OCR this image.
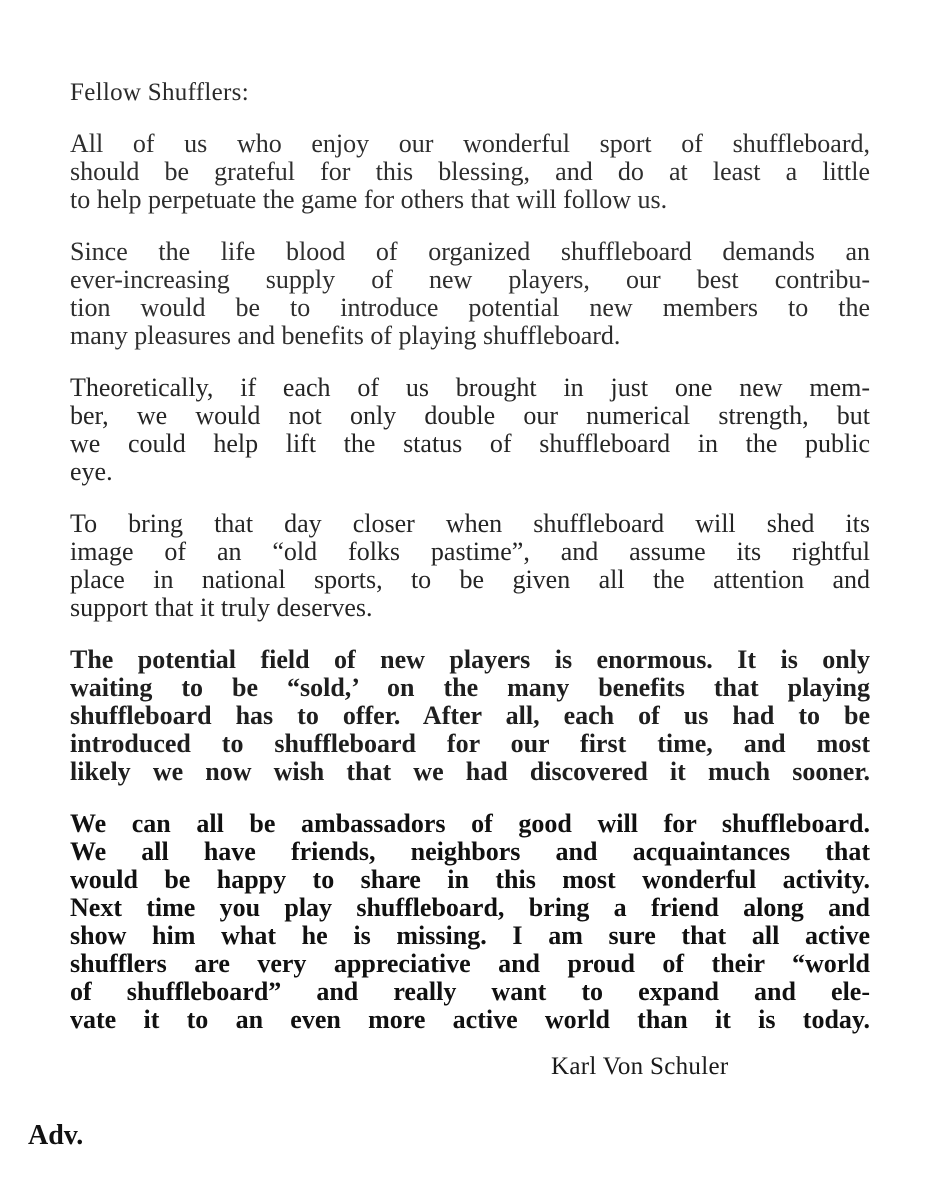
Fellow Shufflers:
All of us who enjoy our wonderful sport of shuffleboard,
should be grateful for this blessing, and do at least a little
to help perpetuate the game for others that will follow us.
Since the life blood of organized shuffleboard demands an
ever-increasing supply of new players, our best contribu-
tion would be to introduce potential new members to the
many pleasures and benefits of playing shuffleboard.
Theoretically, if each of us brought in just one new mem-
ber, we would not only double our numerical strength, but
we could help lift the status of shuffleboard in the public
eye.
To bring that day closer when shuffleboard will shed its
image of an “old folks pastime”, and assume its rightful
place in national sports, to be given all the attention and
support that it truly deserves.
The potential field of new players is enormous. It is only
waiting to be “sold,’ on the many benefits that playing
shuffleboard has to offer. After all, each of us had to be
introduced to shuffleboard for our first time, and most
likely we now wish that we had discovered it much sooner.
We can all be ambassadors of good will for shuffleboard.
We all have friends, neighbors and acquaintances that
would be happy to share in this most wonderful activity.
Next time you play shuffleboard, bring a friend along and
show him what he is missing. I am sure that all active
shufflers are very appreciative and proud of their “world
of shuffleboard” and really want to expand and ele-
vate it to an even more active world than it is today.
Karl Von Schuler
Adv.
